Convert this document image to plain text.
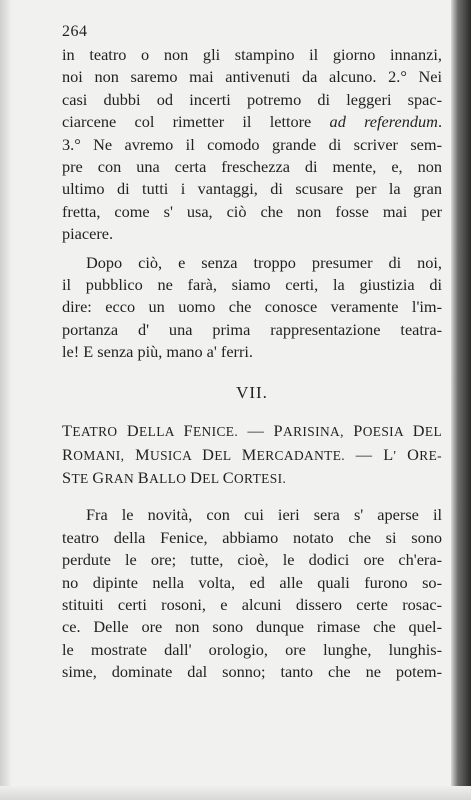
264

in teatro o non gli stampino il giorno innanzi,
noi non saremo mai antivenuti da alcuno. 2.° Nei
casi dubbi od incerti potremo di leggeri spac-
ciarcene col rimetter il lettore ad referendum.
3.° Ne avremo il comodo grande di scriver sem-
pre con una certa freschezza di mente, e, non
ultimo di tutti i vantaggi, di scusare per la gran
fretta, come s' usa, ciò che non fosse mai per
piacere.

Dopo ciò, e senza troppo presumer di noi,
il pubblico ne farà, siamo certi, la giustizia di
dire: ecco un uomo che conosce veramente l'im-
portanza d' una prima rappresentazione teatra-
le! E senza più, mano a' ferri.

VII.
TEATRO DELLA FENICE. — PARISINA, POESIA DEL
ROMANI, MUSICA DEL MERCADANTE. — L' ORE-
STE GRAN BALLO DEL CORTESI.

Fra le novità, con cui ieri sera s' aperse il
teatro della Fenice, abbiamo notato che si sono
perdute le ore; tutte, cioè, le dodici ore ch'era-
no dipinte nella volta, ed alle quali furono so-
stituiti certi rosoni, e alcuni dissero certe rosac-
ce. Delle ore non sono dunque rimase che quel-
le mostrate dall' orologio, ore lunghe, lunghis-
sime, dominate dal sonno; tanto che ne potem-
